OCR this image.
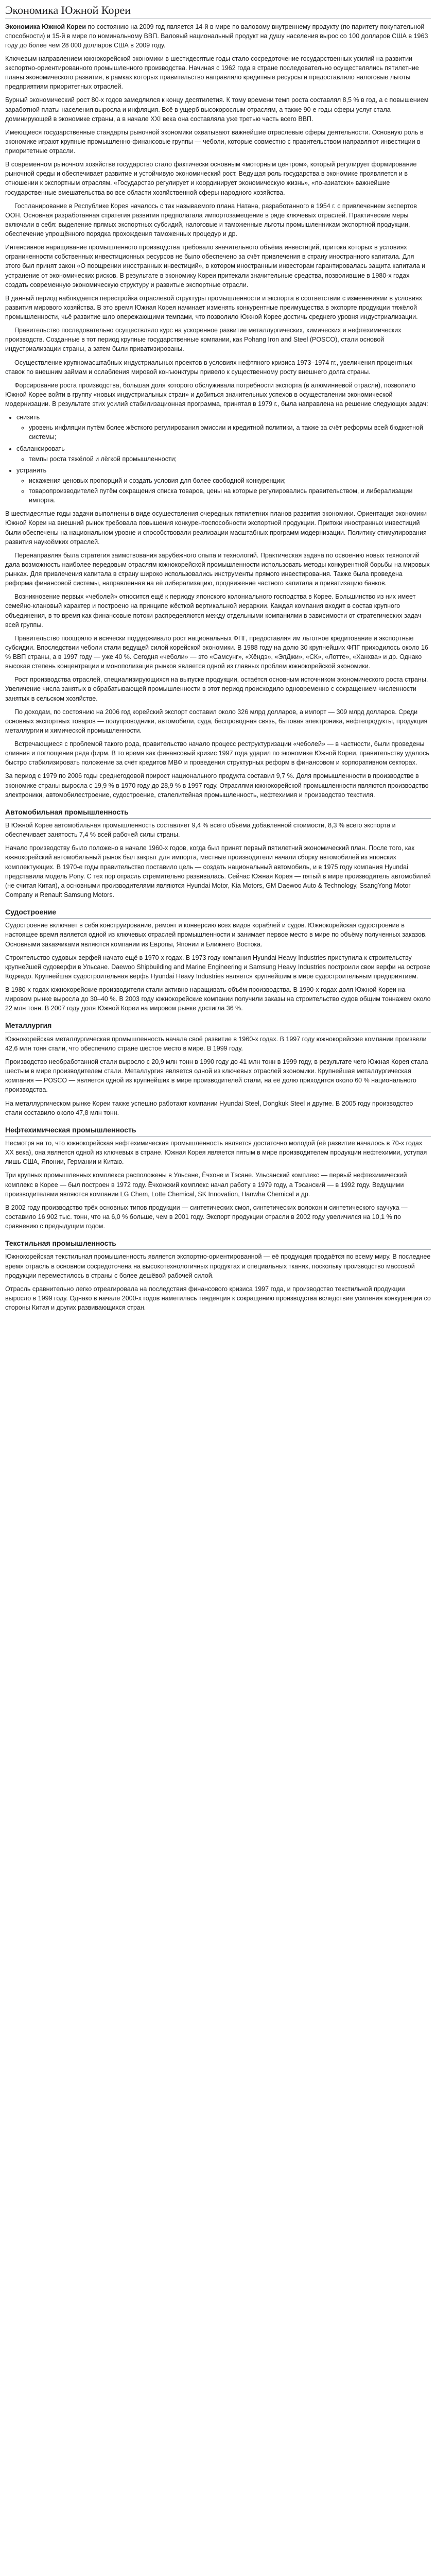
Экономика Южной Кореи

Экономика Южной Кореи по состоянию на 2009 год является 14-й в мире по валовому внутреннему продукту (по паритету покупательной способности) и 15-й в мире по номинальному ВВП. Валовый национальный продукт на душу населения вырос со 100 долларов США в 1963 году до более чем 28 000 долларов США в 2009 году.

Ключевым направлением южнокорейской экономики в шестидесятые годы стало сосредоточение государственных усилий на развитии экспортно-ориентированного промышленного производства. Начиная с 1962 года в стране последовательно осуществлялись пятилетние планы экономического развития, в рамках которых правительство направляло кредитные ресурсы и предоставляло налоговые льготы предприятиям приоритетных отраслей.

Бурный экономический рост 80-х годов замедлился к концу десятилетия. К тому времени темп роста составлял 8,5 % в год, а с повышением заработной платы населения выросла и инфляция. Всё в ущерб высокорослым отраслям, а также 90-е годы сферы услуг стала доминирующей в экономике страны, а в начале XXI века она составляла уже третью часть всего ВВП.

Имеющиеся государственные стандарты рыночной экономики охватывают важнейшие отраслевые сферы деятельности. Основную роль в экономике играют крупные промышленно-финансовые группы — чеболи, которые совместно с правительством направляют инвестиции в приоритетные отрасли.

В современном рыночном хозяйстве государство стало фактически основным «моторным центром», который регулирует формирование рыночной среды и обеспечивает развитие и устойчивую экономический рост. Ведущая роль государства в экономике проявляется и в отношении к экспортным отраслям. «Государство регулирует и координирует экономическую жизнь», «по-азиатски» важнейшие государственные вмешательства во все области хозяйственной сферы народного хозяйства.

Госпланирование в Республике Корея началось с так называемого плана Натана, разработанного в 1954 г. с привлечением экспертов ООН. Основная разработанная стратегия развития предполагала импортозамещение в ряде ключевых отраслей. Практические меры включали в себя: выделение прямых экспортных субсидий, налоговые и таможенные льготы промышленникам экспортной продукции, обеспечение упрощённого порядка прохождения таможенных процедур и др.

Интенсивное наращивание промышленного производства требовало значительного объёма инвестиций, притока которых в условиях ограниченности собственных инвестиционных ресурсов не было обеспечено за счёт привлечения в страну иностранного капитала. Для этого был принят закон «О поощрении иностранных инвестиций», в котором иностранным инвесторам гарантировалась защита капитала и устранение от экономических рисков. В результате в экономику Кореи притекали значительные средства, позволившие в 1980-х годах создать современную экономическую структуру и развитые экспортные отрасли.

В данный период наблюдается перестройка отраслевой структуры промышленности и экспорта в соответствии с изменениями в условиях развития мирового хозяйства. В это время Южная Корея начинает изменять конкурентные преимущества в экспорте продукции тяжёлой промышленности, чьё развитие шло опережающими темпами, что позволило Южной Корее достичь среднего уровня индустриализации.

Правительство последовательно осуществляло курс на ускоренное развитие металлургических, химических и нефтехимических производств. Созданные в тот период крупные государственные компании, как Pohang Iron and Steel (POSCO), стали основой индустриализации страны, а затем были приватизированы.

Осуществление крупномасштабных индустриальных проектов в условиях нефтяного кризиса 1973–1974 гг., увеличения процентных ставок по внешним займам и ослабления мировой конъюнктуры привело к существенному росту внешнего долга страны.

Форсирование роста производства, большая доля которого обслуживала потребности экспорта (в алюминиевой отрасли), позволило Южной Корее войти в группу «новых индустриальных стран» и добиться значительных успехов в осуществлении экономической модернизации. В результате этих усилий стабилизационная программа, принятая в 1979 г., была направлена на решение следующих задач:

• снизить
◦ уровень инфляции путём более жёсткого регулирования эмиссии и кредитной политики, а также за счёт реформы всей бюджетной системы;
• сбалансировать
◦ темпы роста тяжёлой и лёгкой промышленности;
• устранить
◦ искажения ценовых пропорций и создать условия для более свободной конкуренции;
◦ товаропроизводителей путём сокращения списка товаров, цены на которые регулировались правительством, и либерализации импорта.

В шестидесятые годы задачи выполнены в виде осуществления очередных пятилетних планов развития экономики. Ориентация экономики Южной Кореи на внешний рынок требовала повышения конкурентоспособности экспортной продукции. Притоки иностранных инвестиций были обеспечены на национальном уровне и способствовали реализации масштабных программ модернизации. Политику стимулирования развития наукоёмких отраслей.

Перенаправляя была стратегия заимствования зарубежного опыта и технологий. Практическая задача по освоению новых технологий дала возможность наиболее передовым отраслям южнокорейской промышленности использовать методы конкурентной борьбы на мировых рынках. Для привлечения капитала в страну широко использовались инструменты прямого инвестирования. Также была проведена реформа финансовой системы, направленная на её либерализацию, продвижение частного капитала и приватизацию банков.

Возникновение первых «чеболей» относится ещё к периоду японского колониального господства в Корее. Большинство из них имеет семейно-клановый характер и построено на принципе жёсткой вертикальной иерархии. Каждая компания входит в состав крупного объединения, в то время как финансовые потоки распределяются между отдельными компаниями в зависимости от стратегических задач всей группы.

Правительство поощряло и всячески поддерживало рост национальных ФПГ, предоставляя им льготное кредитование и экспортные субсидии. Впоследствии чеболи стали ведущей силой корейской экономики. В 1988 году на долю 30 крупнейших ФПГ приходилось около 16 % ВВП страны, а в 1997 году — уже 40 %. Сегодня «чеболи» — это «Самсунг», «Хёндэ», «ЭлДжи», «СК», «Лотте», «Ханхва» и др. Однако высокая степень концентрации и монополизация рынков является одной из главных проблем южнокорейской экономики.

Рост производства отраслей, специализирующихся на выпуске продукции, остаётся основным источником экономического роста страны. Увеличение числа занятых в обрабатывающей промышленности в этот период происходило одновременно с сокращением численности занятых в сельском хозяйстве.

По доходам, по состоянию на 2006 год корейский экспорт составил около 326 млрд долларов, а импорт — 309 млрд долларов. Среди основных экспортных товаров — полупроводники, автомобили, суда, беспроводная связь, бытовая электроника, нефтепродукты, продукция металлургии и химической промышленности.

Встречающиеся с проблемой такого рода, правительство начало процесс реструктуризации «чеболей» — в частности, были проведены слияния и поглощения ряда фирм. В то время как финансовый кризис 1997 года ударил по экономике Южной Кореи, правительству удалось быстро стабилизировать положение за счёт кредитов МВФ и проведения структурных реформ в финансовом и корпоративном секторах.

За период с 1979 по 2006 годы среднегодовой прирост национального продукта составил 9,7 %. Доля промышленности в производстве в экономике страны выросла с 19,9 % в 1970 году до 28,9 % в 1997 году. Отраслями южнокорейской промышленности являются производство электроники, автомобилестроение, судостроение, сталелитейная промышленность, нефтехимия и производство текстиля.

Автомобильная промышленность

В Южной Корее автомобильная промышленность составляет 9,4 % всего объёма добавленной стоимости, 8,3 % всего экспорта и обеспечивает занятость 7,4 % всей рабочей силы страны.

Начало производству было положено в начале 1960-х годов, когда был принят первый пятилетний экономический план. После того, как южнокорейский автомобильный рынок был закрыт для импорта, местные производители начали сборку автомобилей из японских комплектующих. В 1970-е годы правительство поставило цель — создать национальный автомобиль, и в 1975 году компания Hyundai представила модель Pony. С тех пор отрасль стремительно развивалась. Сейчас Южная Корея — пятый в мире производитель автомобилей (не считая Китая), а основными производителями являются Hyundai Motor, Kia Motors, GM Daewoo Auto & Technology, SsangYong Motor Company и Renault Samsung Motors.

Судостроение

Судостроение включает в себя конструирование, ремонт и конверсию всех видов кораблей и судов. Южнокорейская судостроение в настоящее время является одной из ключевых отраслей промышленности и занимает первое место в мире по объёму полученных заказов. Основными заказчиками являются компании из Европы, Японии и Ближнего Востока.

Строительство судовых верфей начато ещё в 1970-х годах. В 1973 году компания Hyundai Heavy Industries приступила к строительству крупнейшей судоверфи в Ульсане. Daewoo Shipbuilding and Marine Engineering и Samsung Heavy Industries построили свои верфи на острове Коджедо. Крупнейшая судостроительная верфь Hyundai Heavy Industries является крупнейшим в мире судостроительным предприятием.

В 1980-х годах южнокорейские производители стали активно наращивать объём производства. В 1990-х годах доля Южной Кореи на мировом рынке выросла до 30–40 %. В 2003 году южнокорейские компании получили заказы на строительство судов общим тоннажем около 22 млн тонн. В 2007 году доля Южной Кореи на мировом рынке достигла 36 %.

Металлургия

Южнокорейская металлургическая промышленность начала своё развитие в 1960-х годах. В 1997 году южнокорейские компании произвели 42,6 млн тонн стали, что обеспечило стране шестое место в мире. В 1999 году.

Производство необработанной стали выросло с 20,9 млн тонн в 1990 году до 41 млн тонн в 1999 году, в результате чего Южная Корея стала шестым в мире производителем стали. Металлургия является одной из ключевых отраслей экономики. Крупнейшая металлургическая компания — POSCO — является одной из крупнейших в мире производителей стали, на её долю приходится около 60 % национального производства.

На металлургическом рынке Кореи также успешно работают компании Hyundai Steel, Dongkuk Steel и другие. В 2005 году производство стали составило около 47,8 млн тонн.

Нефтехимическая промышленность

Несмотря на то, что южнокорейская нефтехимическая промышленность является достаточно молодой (её развитие началось в 70-х годах XX века), она является одной из ключевых в стране. Южная Корея является пятым в мире производителем продукции нефтехимии, уступая лишь США, Японии, Германии и Китаю.

Три крупных промышленных комплекса расположены в Ульсане, Ёчхоне и Тэсане. Ульсанский комплекс — первый нефтехимический комплекс в Корее — был построен в 1972 году. Ёчхонский комплекс начал работу в 1979 году, а Тэсанский — в 1992 году. Ведущими производителями являются компании LG Chem, Lotte Chemical, SK Innovation, Hanwha Chemical и др.

В 2002 году производство трёх основных типов продукции — синтетических смол, синтетических волокон и синтетического каучука — составило 16 902 тыс. тонн, что на 6,0 % больше, чем в 2001 году. Экспорт продукции отрасли в 2002 году увеличился на 10,1 % по сравнению с предыдущим годом.

Текстильная промышленность

Южнокорейская текстильная промышленность является экспортно-ориентированной — её продукция продаётся по всему миру. В последнее время отрасль в основном сосредоточена на высокотехнологичных продуктах и специальных тканях, поскольку производство массовой продукции переместилось в страны с более дешёвой рабочей силой.

Отрасль сравнительно легко отреагировала на последствия финансового кризиса 1997 года, и производство текстильной продукции выросло в 1999 году. Однако в начале 2000-х годов наметилась тенденция к сокращению производства вследствие усиления конкуренции со стороны Китая и других развивающихся стран.
